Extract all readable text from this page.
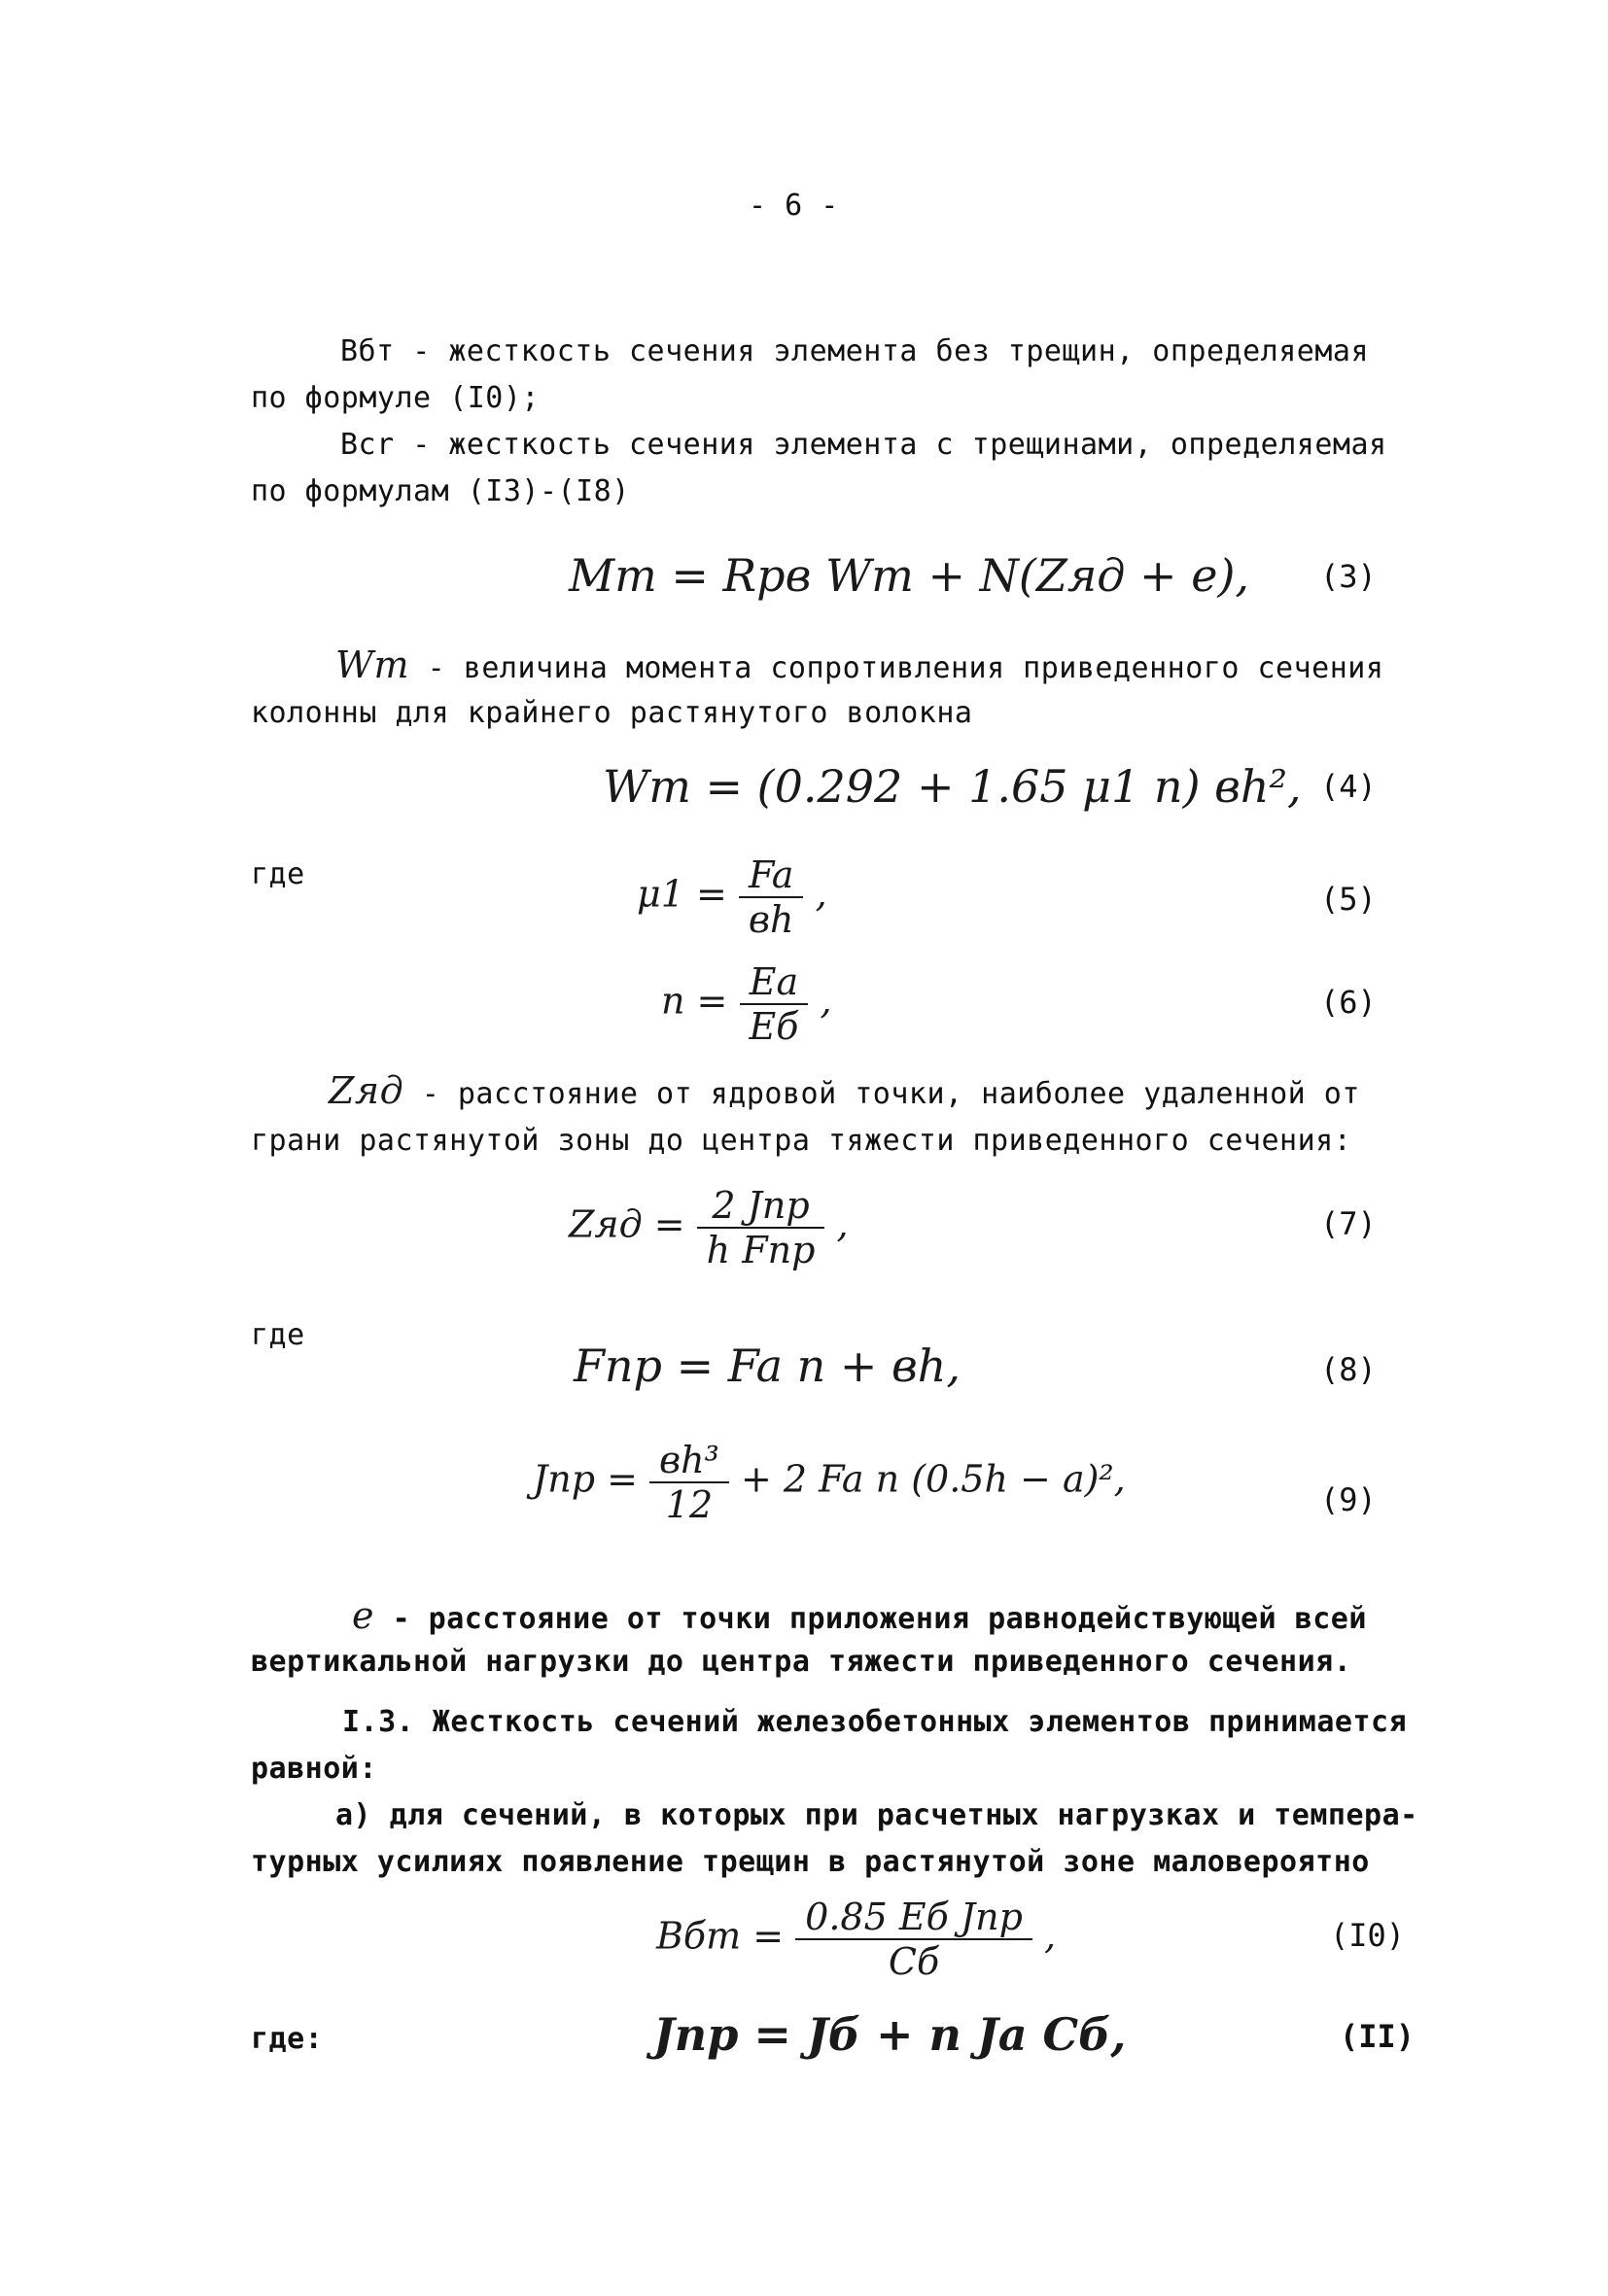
- 6 -
Вбт - жесткость сечения элемента без трещин, определяемая
по формуле (I0);
Вcr - жесткость сечения элемента с трещинами, определяемая
по формулам (I3)-(I8)
Mт = Rрв Wт + N(Zяд + e), (3)
Wт - величина момента сопротивления приведенного сечения
колонны для крайнего растянутого волокна
Wт = (0.292 + 1.65 μ1 n) вh², (4)
где	$\mu 1 = \frac{Fa}{вh}$ ,	(5)
$n = \frac{Ea}{Eб}$ ,	(6)
Zяд - расстояние от ядровой точки, наиболее удаленной от
грани растянутой зоны до центра тяжести приведенного сечения:
Zяд = $\frac{\text{2 Jпр}}{\text{h Fпр}}$ ,	(7)
где
Fпр = Fa n + вh,	(8)
Jпр = $\frac{\text{вh³}}{12} + 2$ Fa n (0.5h − a)²,	(9)
e - расстояние от точки приложения равнодействующей всей
вертикальной нагрузки до центра тяжести приведенного сечения.
I.3. Жесткость сечений железобетонных элементов принимается
равной:
а) для сечений, в которых при расчетных нагрузках и темпера-
турных усилиях появление трещин в растянутой зоне маловероятно
Bбт = $\frac{\text{0.85 Eб Jпр}}{Cб}$ ,	(I0)
где:	Jпр = Jб + n Ja Cб,	(II)
